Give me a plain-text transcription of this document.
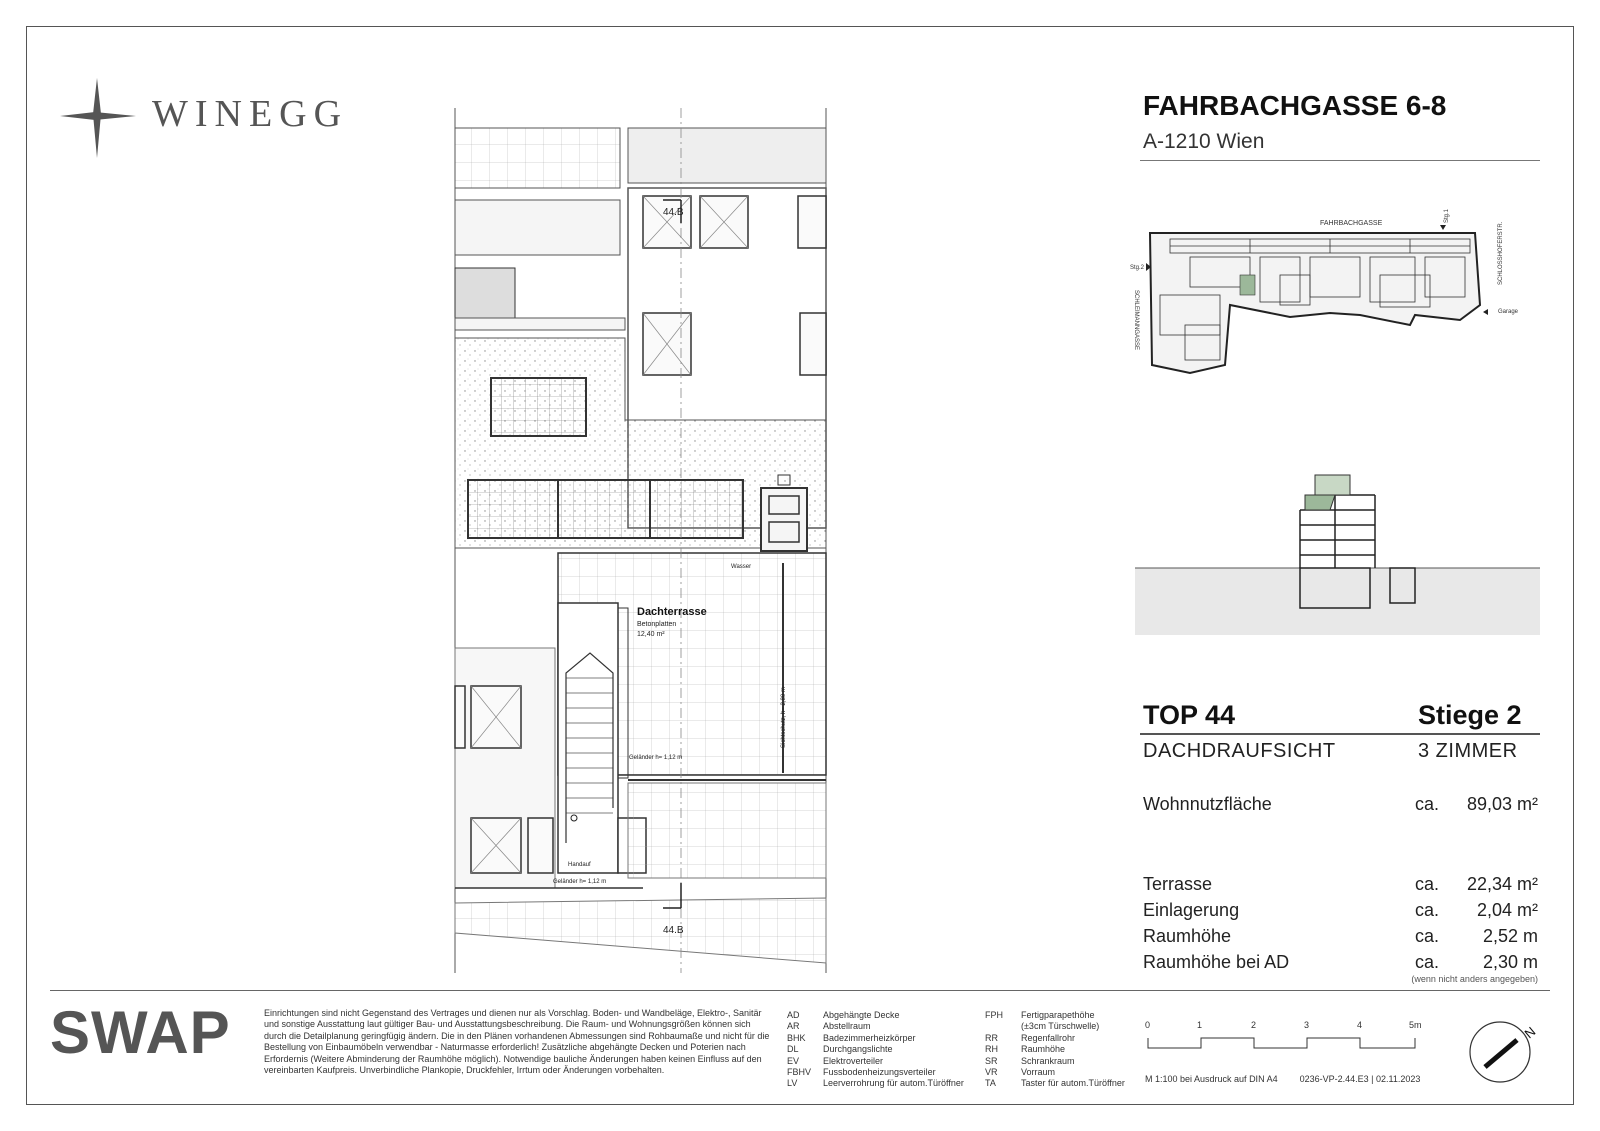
WINEGG	FAHRBACHGASSE 6-8
A-1210 Wien
FAHRBACHGASSE
Stg.1
Stg.2
Garage
SCHLOSSHOFERSTR.
SCHLEIMANNGASSE
TOP 44	Stiege 2
DACHDRAUFSICHT	3 ZIMMER
Wohnnutzfläche	ca. 89,03 m²
Terrasse	ca. 22,34 m²
Einlagerung	ca. 2,04 m²
Raumhöhe	ca. 2,52 m
Raumhöhe bei AD	ca. 2,30 m
(wenn nicht anders angegeben)
44.B
44.B
Dachterrasse
Betonplatten
12,40 m²
Wasser
Geländer h= 1,12 m
Geländer h= 1,12 m
Handauf
Sichtschutz, h= 2,80 m
SWAP	Einrichtungen sind nicht Gegenstand des Vertrages und dienen nur als Vorschlag. Boden- und Wandbeläge, Elektro-, Sanitär und sonstige Ausstattung laut gültiger Bau- und Ausstattungsbeschreibung. Die Raum- und Wohnungsgrößen können sich durch die Detailplanung geringfügig ändern. Die in den Plänen vorhandenen Abmessungen sind Rohbaumaße und nicht für die Bestellung von Einbaumöbeln verwendbar - Naturmasse erforderlich! Zusätzliche abgehängte Decken und Poterien nach Erfordernis (Weitere Abminderung der Raumhöhe möglich). Notwendige bauliche Änderungen haben keinen Einfluss auf den vereinbarten Kaufpreis. Unverbindliche Plankopie, Druckfehler, Irrtum oder Änderungen vorbehalten.
AD	Abgehängte Decke
AR	Abstellraum
BHK	Badezimmerheizkörper
DL	Durchgangslichte
EV	Elektroverteiler
FBHV	Fussbodenheizungsverteiler
LV	Leerverrohrung für autom.Türöffner
FPH	Fertigparapethöhe
(±3cm Türschwelle)
RR	Regenfallrohr
RH	Raumhöhe
SR	Schrankraum
VR	Vorraum
TA	Taster für autom.Türöffner
0	1	2	3	4	5m
M 1:100 bei Ausdruck auf DIN A4 0236-VP-2.44.E3 | 02.11.2023
N
